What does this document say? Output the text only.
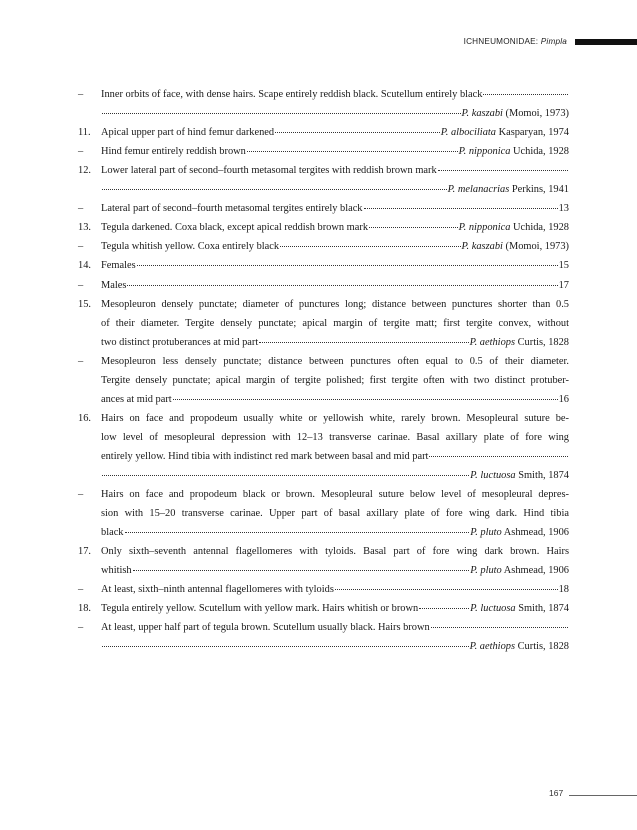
ICHNEUMONIDAE: Pimpla
–	Inner orbits of face, with dense hairs. Scape entirely reddish black. Scutellum entirely black
P. kaszabi (Momoi, 1973)
11. Apical upper part of hind femur darkened	P. albociliata Kasparyan, 1974
–	Hind femur entirely reddish brown	P. nipponica Uchida, 1928
12. Lower lateral part of second–fourth metasomal tergites with reddish brown mark
P. melanacrias Perkins, 1941
–	Lateral part of second–fourth metasomal tergites entirely black	13
13. Tegula darkened. Coxa black, except apical reddish brown mark	P. nipponica Uchida, 1928
–	Tegula whitish yellow. Coxa entirely black	P. kaszabi (Momoi, 1973)
14. Females	15
–	Males	17
15. Mesopleuron densely punctate; diameter of punctures long; distance between punctures shorter than 0.5
of their diameter. Tergite densely punctate; apical margin of tergite matt; first tergite convex, without
two distinct protuberances at mid part	P. aethiops Curtis, 1828
–	Mesopleuron less densely punctate; distance between punctures often equal to 0.5 of their diameter.
Tergite densely punctate; apical margin of tergite polished; first tergite often with two distinct protuber-
ances at mid part	16
16. Hairs on face and propodeum usually white or yellowish white, rarely brown. Mesopleural suture be-
low level of mesopleural depression with 12–13 transverse carinae. Basal axillary plate of fore wing
entirely yellow. Hind tibia with indistinct red mark between basal and mid part
P. luctuosa Smith, 1874
–	Hairs on face and propodeum black or brown. Mesopleural suture below level of mesopleural depres-
sion with 15–20 transverse carinae. Upper part of basal axillary plate of fore wing dark. Hind tibia
black	P. pluto Ashmead, 1906
17. Only sixth–seventh antennal flagellomeres with tyloids. Basal part of fore wing dark brown. Hairs
whitish	P. pluto Ashmead, 1906
–	At least, sixth–ninth antennal flagellomeres with tyloids	18
18. Tegula entirely yellow. Scutellum with yellow mark. Hairs whitish or brown	P. luctuosa Smith, 1874
–	At least, upper half part of tegula brown. Scutellum usually black. Hairs brown
P. aethiops Curtis, 1828
167
